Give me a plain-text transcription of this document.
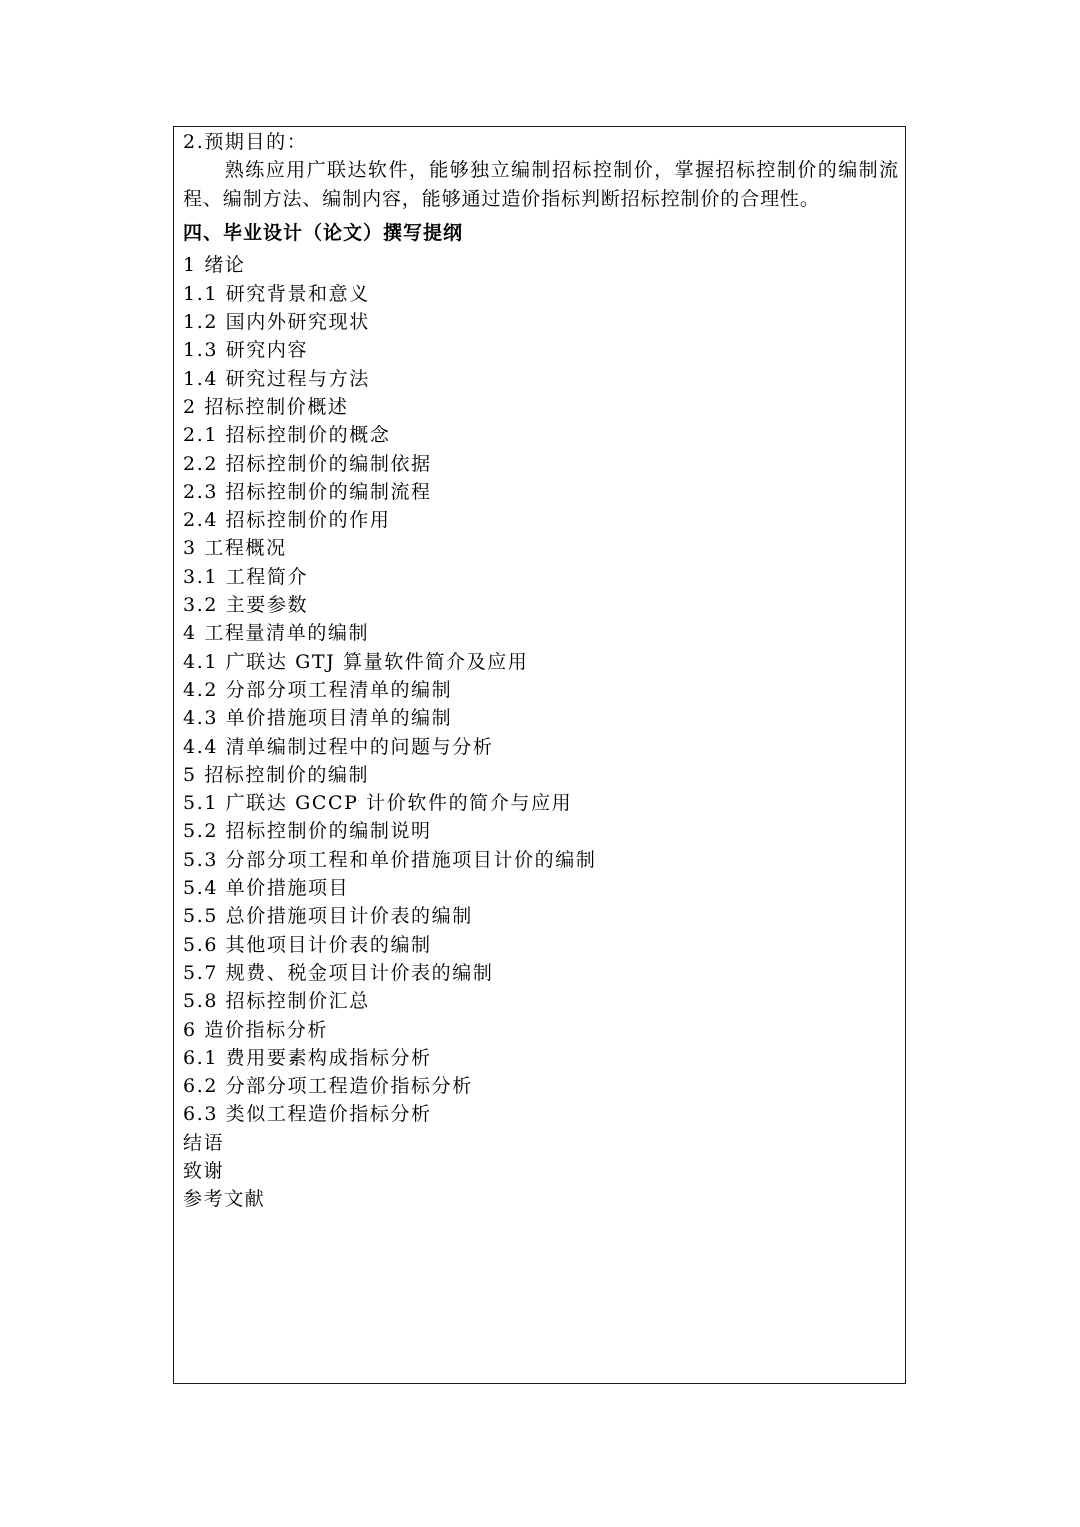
2.预期目的：
熟练应用广联达软件，能够独立编制招标控制价，掌握招标控制价的编制流程、编制方法、编制内容，能够通过造价指标判断招标控制价的合理性。
四、毕业设计（论文）撰写提纲
1 绪论
1.1 研究背景和意义
1.2 国内外研究现状
1.3 研究内容
1.4 研究过程与方法
2 招标控制价概述
2.1 招标控制价的概念
2.2 招标控制价的编制依据
2.3 招标控制价的编制流程
2.4 招标控制价的作用
3 工程概况
3.1 工程简介
3.2 主要参数
4 工程量清单的编制
4.1 广联达 GTJ 算量软件简介及应用
4.2 分部分项工程清单的编制
4.3 单价措施项目清单的编制
4.4 清单编制过程中的问题与分析
5 招标控制价的编制
5.1 广联达 GCCP 计价软件的简介与应用
5.2 招标控制价的编制说明
5.3 分部分项工程和单价措施项目计价的编制
5.4 单价措施项目
5.5 总价措施项目计价表的编制
5.6 其他项目计价表的编制
5.7 规费、税金项目计价表的编制
5.8 招标控制价汇总
6 造价指标分析
6.1 费用要素构成指标分析
6.2 分部分项工程造价指标分析
6.3 类似工程造价指标分析
结语
致谢
参考文献
